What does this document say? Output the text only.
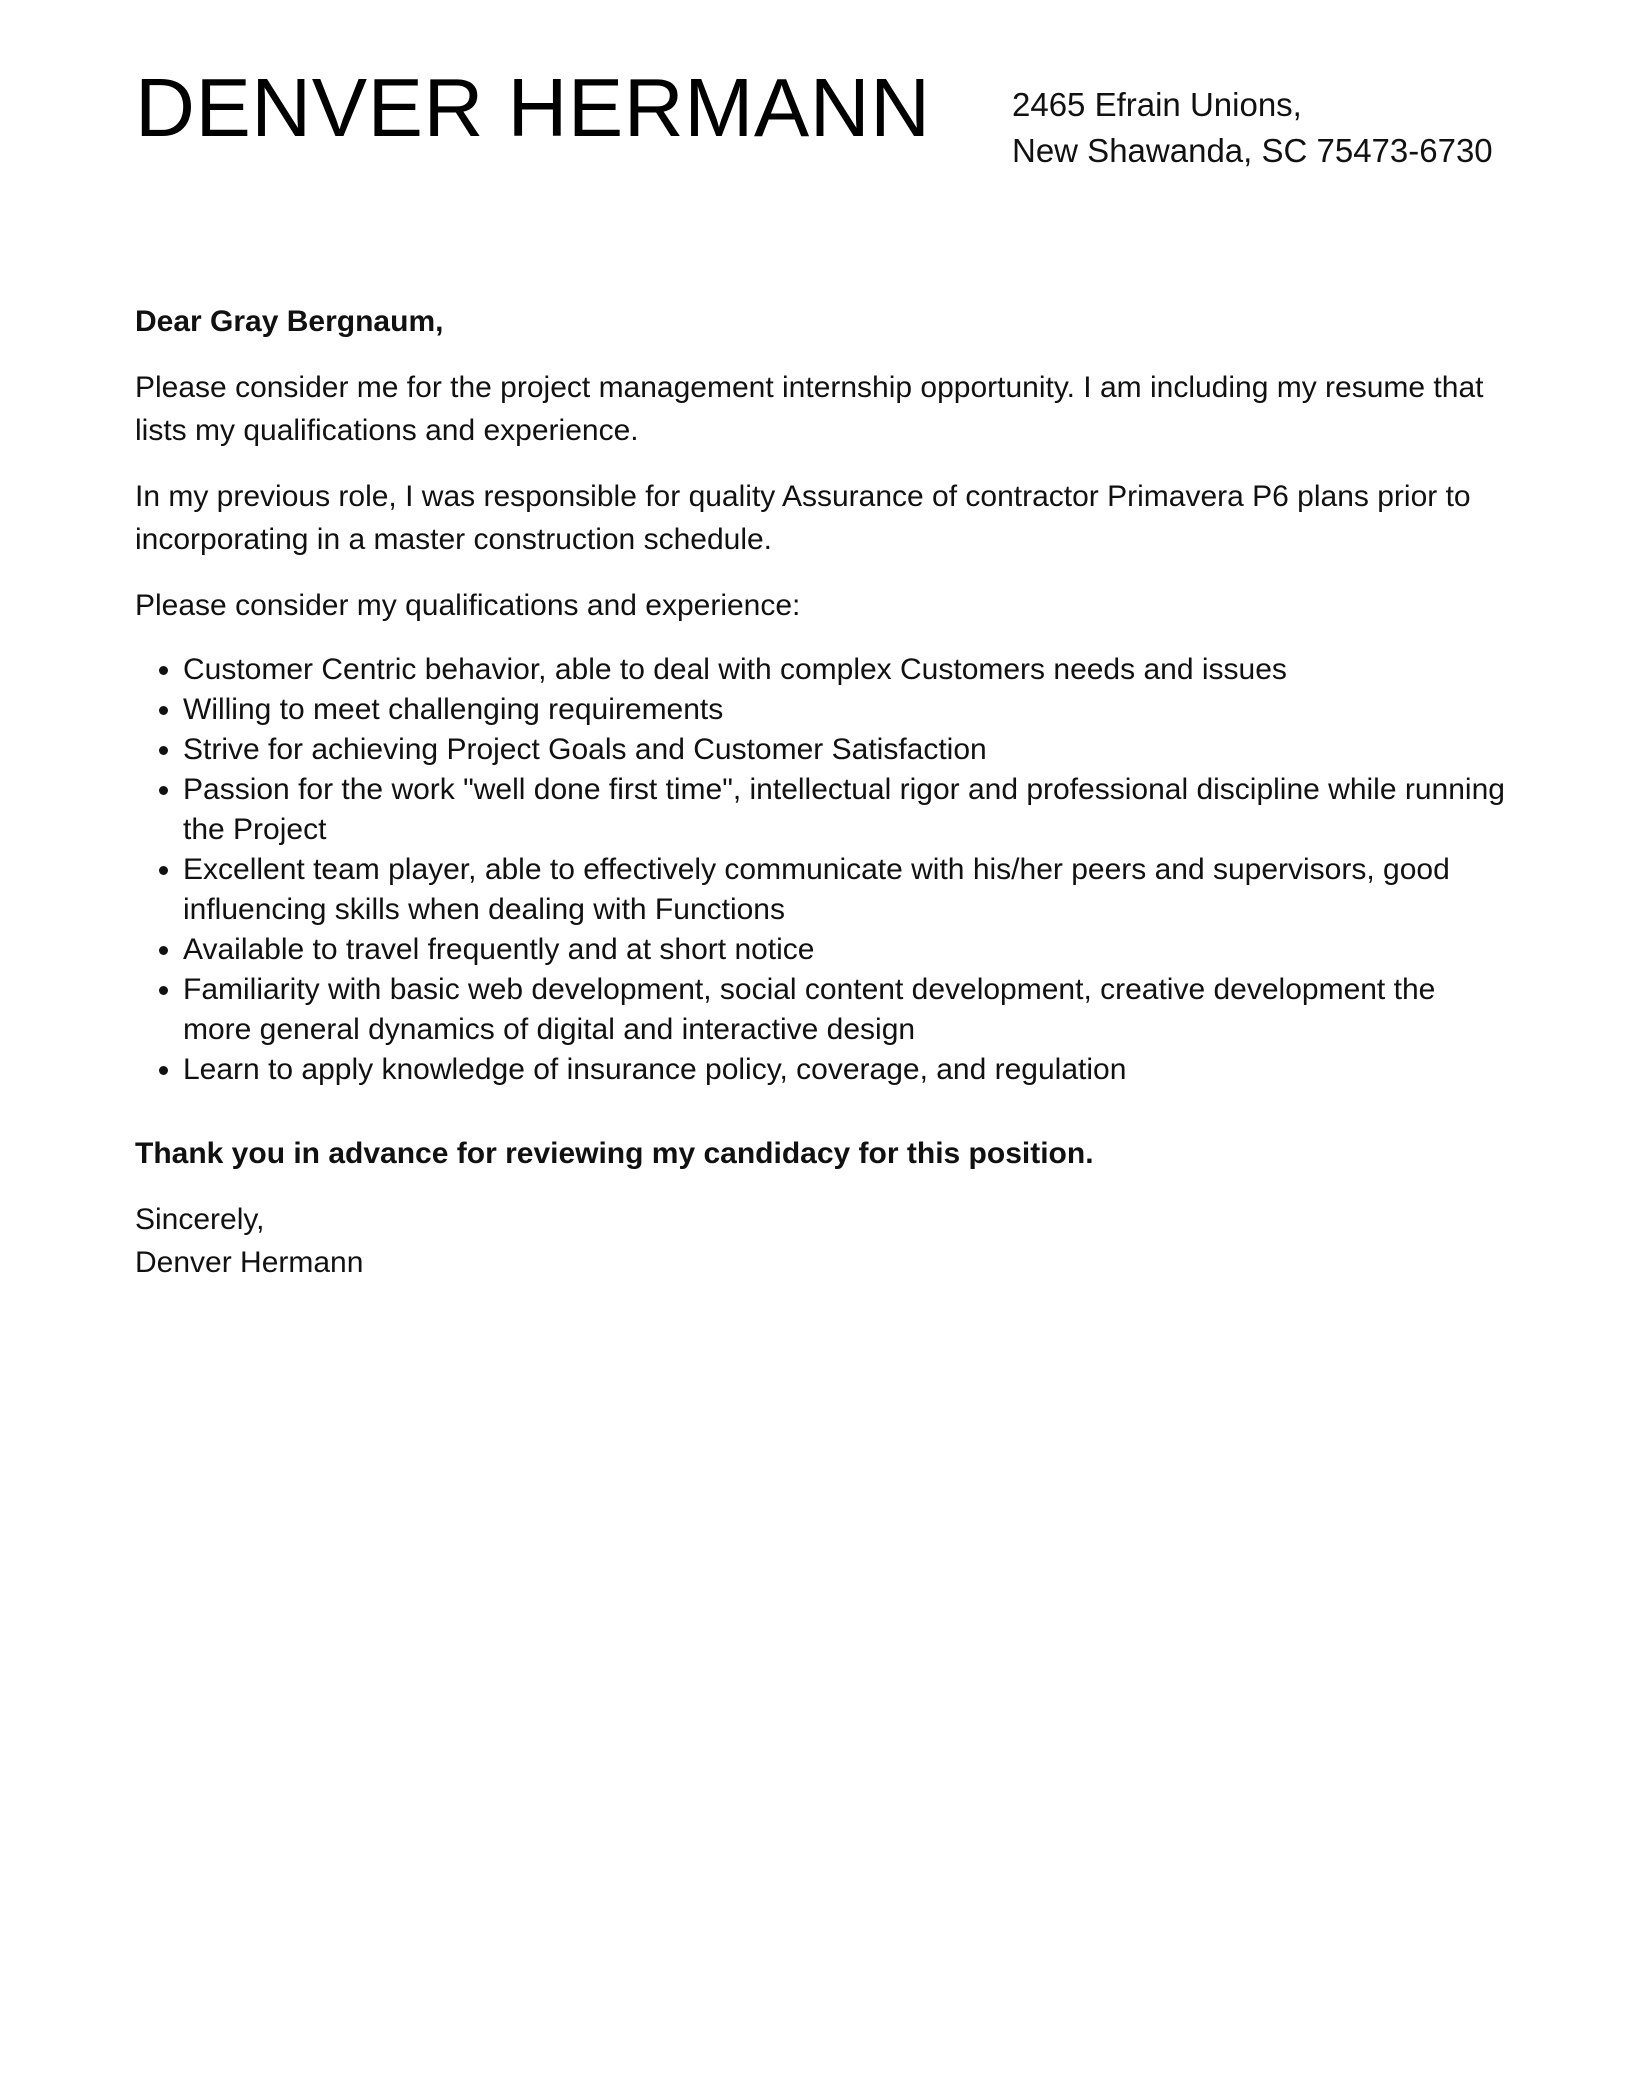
DENVER HERMANN 2465 Efrain Unions,
New Shawanda, SC 75473-6730

Dear Gray Bergnaum,

Please consider me for the project management internship opportunity. I am including my resume that lists my qualifications and experience.

In my previous role, I was responsible for quality Assurance of contractor Primavera P6 plans prior to incorporating in a master construction schedule.

Please consider my qualifications and experience:

• Customer Centric behavior, able to deal with complex Customers needs and issues
• Willing to meet challenging requirements
• Strive for achieving Project Goals and Customer Satisfaction
• Passion for the work "well done first time", intellectual rigor and professional discipline while running the Project
• Excellent team player, able to effectively communicate with his/her peers and supervisors, good influencing skills when dealing with Functions
• Available to travel frequently and at short notice
• Familiarity with basic web development, social content development, creative development the more general dynamics of digital and interactive design
• Learn to apply knowledge of insurance policy, coverage, and regulation

Thank you in advance for reviewing my candidacy for this position.

Sincerely,

Denver Hermann
